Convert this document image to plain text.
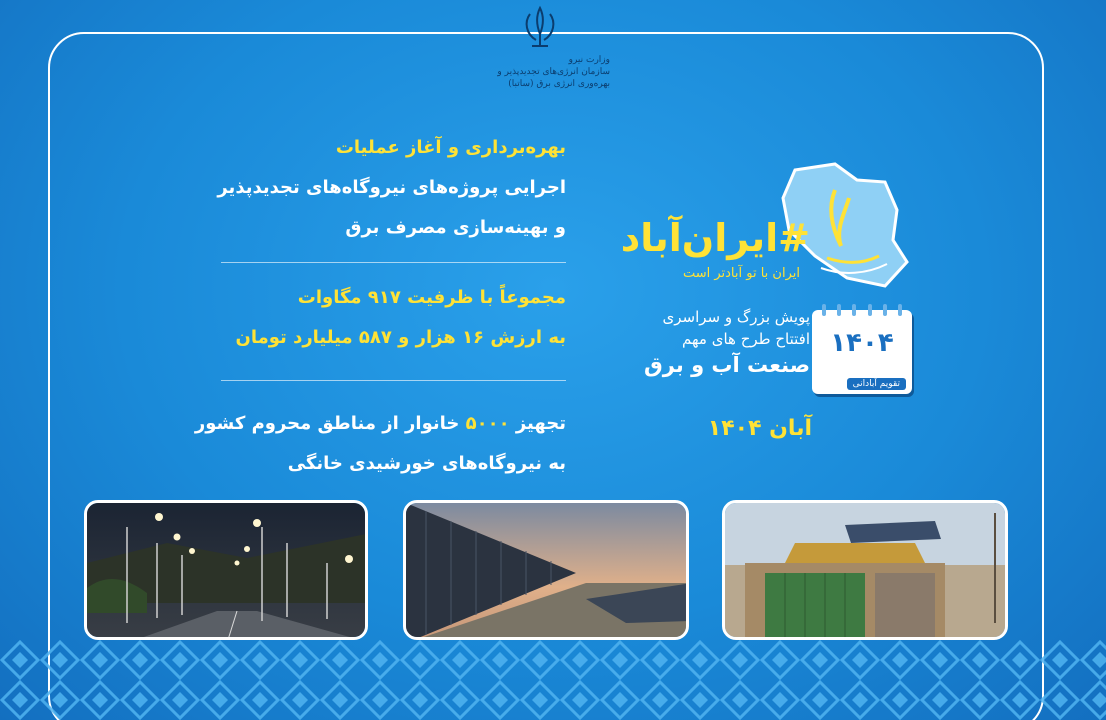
وزارت نیرو
سازمان انرژی‌های تجدیدپذیر و
بهره‌وری انرژی برق (ساتبا)
بهره‌برداری و آغاز عملیات
اجرایی پروژه‌های نیروگاه‌های تجدیدپذیر
و بهینه‌سازی مصرف برق
مجموعاً با ظرفیت ۹۱۷ مگاوات
به ارزش ۱۶ هزار و ۵۸۷ میلیارد تومان
تجهیز ۵۰۰۰ خانوار از مناطق محروم کشور
به نیروگاه‌های خورشیدی خانگی
#ایران‌آباد
ایران با تو آبادتر است
پویش بزرگ و سراسری
افتتاح طرح های مهم
صنعت آب و برق
۱۴۰۴
تقویم آبادانی
آبان ۱۴۰۴
